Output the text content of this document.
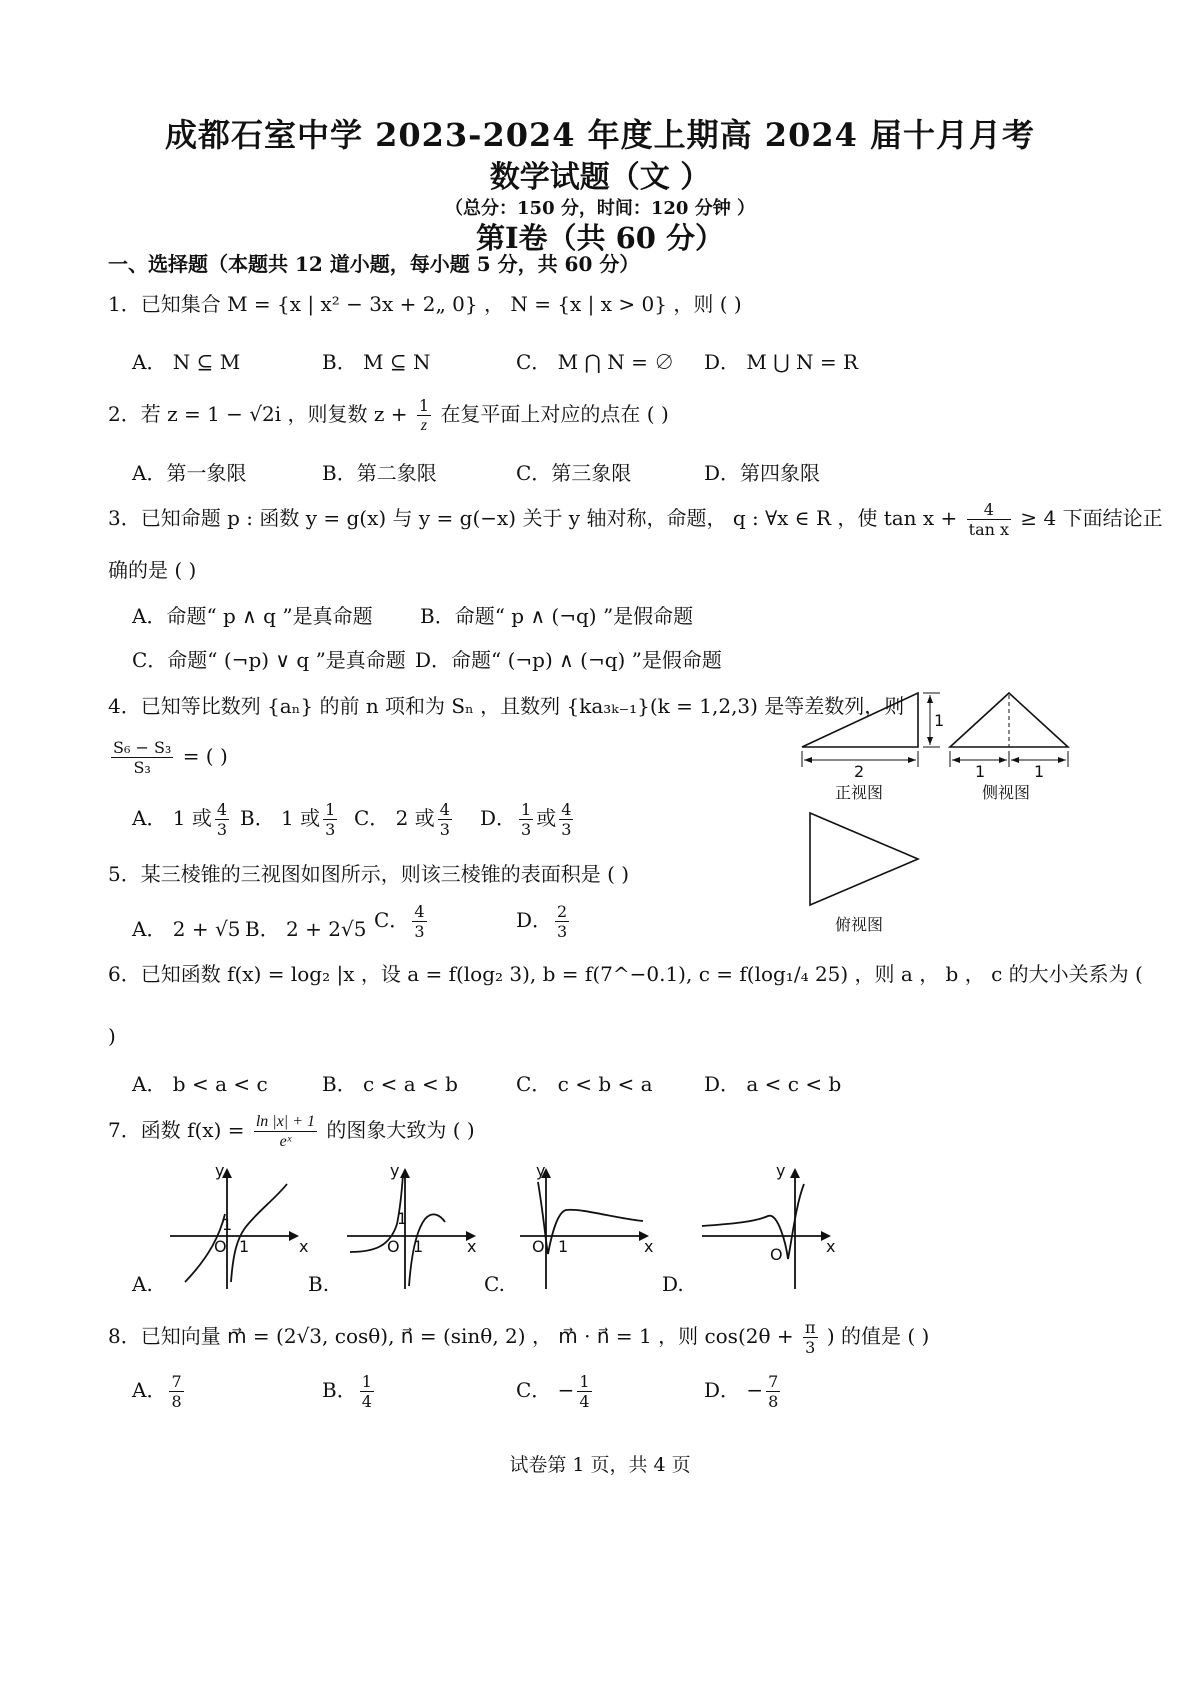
成都石室中学 2023-2024 年度上期高 2024 届十月月考
数学试题（文 ）
（总分：150 分，时间：120 分钟 ）
第Ⅰ卷（共 60 分）
一、选择题（本题共 12 道小题，每小题 5 分，共 60 分）
1．已知集合 M = {x | x² − 3x + 2„ 0} ， N = {x | x > 0} ，则 ( )
A． N ⊆ M	B． M ⊆ N	C． M ⋂ N = ∅ D． M ⋃ N = R
2．若 z = 1 − √2i ，则复数 $z + \frac{1}{z}$ 在复平面上对应的点在 ( )
A．第一象限	B．第二象限	C．第三象限	D．第四象限
3．已知命题 p : 函数 y = g(x) 与 y = g(−x) 关于 y 轴对称，命题， q : ∀x ∈ R ，使 $\tan x + \frac{4}{\text{tan x}} \ge 4$ 下面结论正
确的是 ( )
A．命题“ p ∧ q ”是真命题 B．命题“ p ∧ (¬q) ”是假命题
C．命题“ (¬p) ∨ q ”是真命题 D．命题“ (¬p) ∧ (¬q) ”是假命题
4．已知等比数列 {aₙ} 的前 n 项和为 Sₙ ，且数列 {ka₃ₖ₋₁}(k = 1,2,3) 是等差数列，则
$\frac{\text{S₆ − S₃}}{\text{S₃}}$ = ( )
A． 1 或 $\frac{4}{3}$ B． 1 或 $\frac{1}{3}$ C． 2 或 $\frac{4}{3}$ D． $\frac{1}{3}$ 或 $\frac{4}{3}$
5．某三棱锥的三视图如图所示，则该三棱锥的表面积是 ( )
A． 2 + √5 B． 2 + 2√5 C． $\frac{4}{3}$	D． $\frac{2}{3}$
1
2
正视图
1	1
侧视图
俯视图
6．已知函数 f(x) = log₂ |x ，设 a = f(log₂ 3), b = f(7^−0.1), c = f(log₁/₄ 25) ，则 a ， b ， c 的大小关系为 (
)
A． b < a < c	B． c < a < b	C． c < b < a	D． a < c < b
7．函数 $f(x) = \frac{\ln |x| + 1}{\text{eˣ}}$ 的图象大致为 ( )
y
x
O 1
1
A.
y
x
O 1
1
B.
y
x
O 1
C.
y
x
O
D.
8．已知向量 m⃗ = (2√3, cosθ), n⃗ = (sinθ, 2) ， m⃗ · n⃗ = 1 ，则 $\cos(2\theta + \frac{\pi}{3}$ ) 的值是 ( )
A． $\frac{7}{8}$	B． $\frac{1}{4}$	C． − $\frac{1}{4}$	D． − $\frac{7}{8}$
试卷第 1 页，共 4 页
